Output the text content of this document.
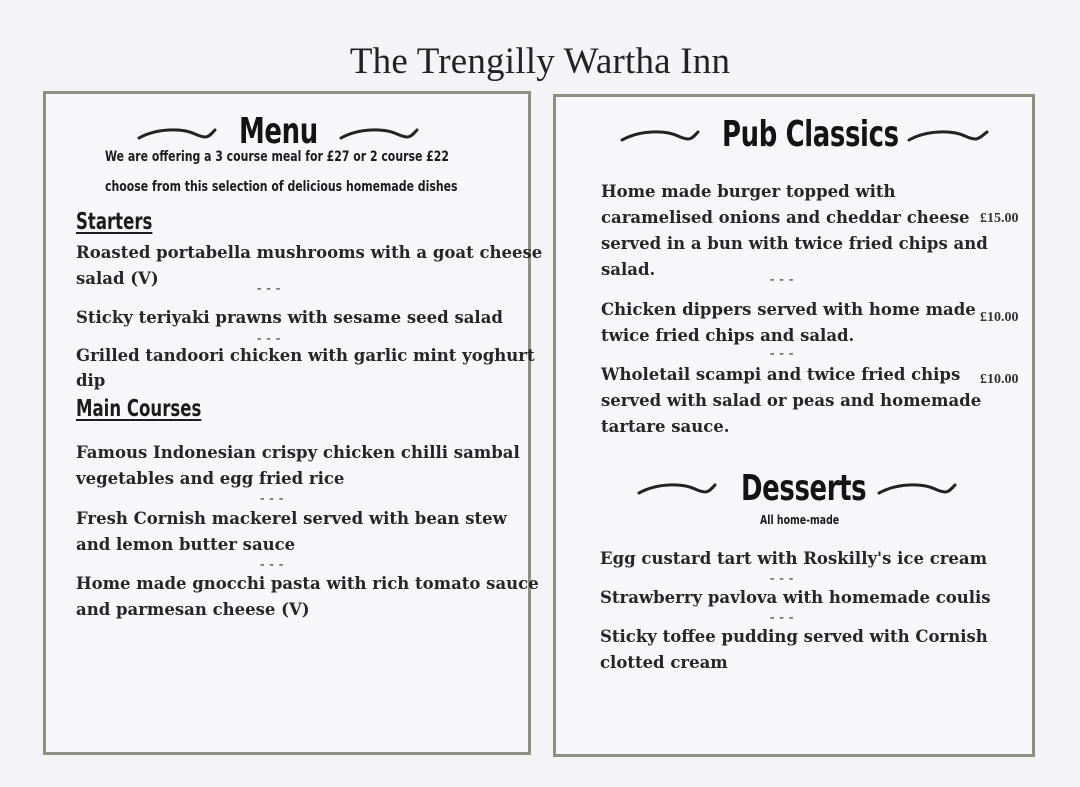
The Trengilly Wartha Inn
Menu
We are offering a 3 course meal for £27 or 2 course £22
choose from this selection of delicious homemade dishes
Starters
Roasted portabella mushrooms with a goat cheese
salad (V)
---
Sticky teriyaki prawns with sesame seed salad
---
Grilled tandoori chicken with garlic mint yoghurt
dip
Main Courses
Famous Indonesian crispy chicken chilli sambal
vegetables and egg fried rice
---
Fresh Cornish mackerel served with bean stew
and lemon butter sauce
---
Home made gnocchi pasta with rich tomato sauce
and parmesan cheese (V)
Pub Classics
Home made burger topped with
caramelised onions and cheddar cheese £15.00
served in a bun with twice fried chips and
salad.
---
Chicken dippers served with home made £10.00
twice fried chips and salad.
---
Wholetail scampi and twice fried chips £10.00
served with salad or peas and homemade
tartare sauce.
Desserts
All home-made
Egg custard tart with Roskilly's ice cream
---
Strawberry pavlova with homemade coulis
---
Sticky toffee pudding served with Cornish
clotted cream
